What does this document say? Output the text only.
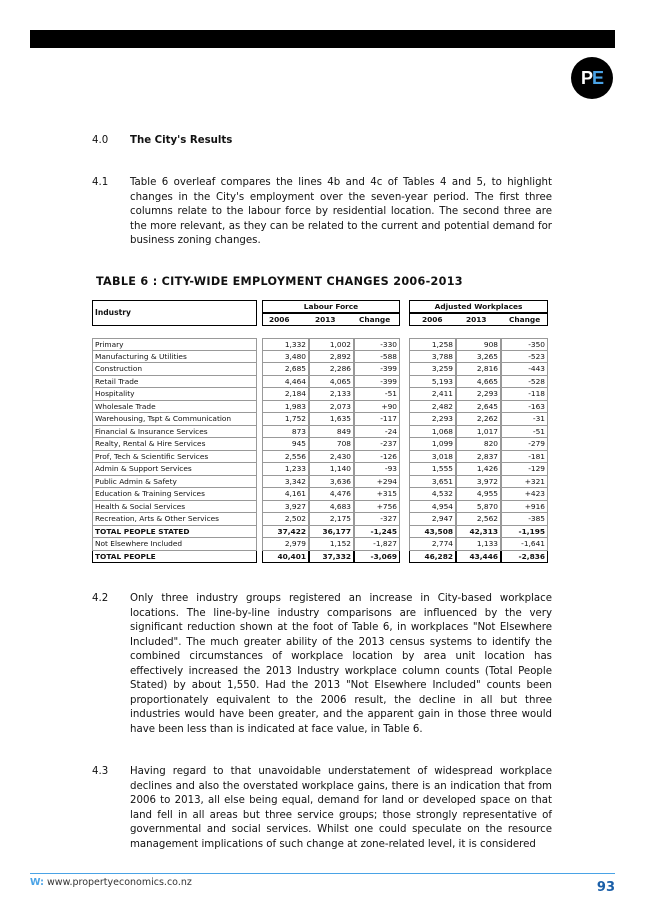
P E
4.0 The City's Results
4.1 Table 6 overleaf compares the lines 4b and 4c of Tables 4 and 5, to highlight changes in the City's employment over the seven-year period. The first three columns relate to the labour force by residential location. The second three are the more relevant, as they can be related to the current and potential demand for business zoning changes.
TABLE 6 : CITY-WIDE EMPLOYMENT CHANGES 2006-2013
Industry
Labour Force	Adjusted Workplaces
2006	2013	Change	2006	2013	Change
Primary	1,332	1,002	-330	1,258	908	-350
Manufacturing & Utilities	3,480	2,892	-588	3,788	3,265	-523
Construction	2,685	2,286	-399	3,259	2,816	-443
Retail Trade	4,464	4,065	-399	5,193	4,665	-528
Hospitality	2,184	2,133	-51	2,411	2,293	-118
Wholesale Trade	1,983	2,073	+90	2,482	2,645	-163
Warehousing, Tspt & Communication	1,752	1,635	-117	2,293	2,262	-31
Financial & Insurance Services	873	849	-24	1,068	1,017	-51
Realty, Rental & Hire Services	945	708	-237	1,099	820	-279
Prof, Tech & Scientific Services	2,556	2,430	-126	3,018	2,837	-181
Admin & Support Services	1,233	1,140	-93	1,555	1,426	-129
Public Admin & Safety	3,342	3,636	+294	3,651	3,972	+321
Education & Training Services	4,161	4,476	+315	4,532	4,955	+423
Health & Social Services	3,927	4,683	+756	4,954	5,870	+916
Recreation, Arts & Other Services	2,502	2,175	-327	2,947	2,562	-385
TOTAL PEOPLE STATED	37,422	36,177	-1,245	43,508	42,313	-1,195
Not Elsewhere Included	2,979	1,152	-1,827	2,774	1,133	-1,641
TOTAL PEOPLE	40,401	37,332	-3,069	46,282	43,446	-2,836
4.2 Only three industry groups registered an increase in City-based workplace locations. The line-by-line industry comparisons are influenced by the very significant reduction shown at the foot of Table 6, in workplaces "Not Elsewhere Included". The much greater ability of the 2013 census systems to identify the combined circumstances of workplace location by area unit location has effectively increased the 2013 Industry workplace column counts (Total People Stated) by about 1,550. Had the 2013 "Not Elsewhere Included" counts been proportionately equivalent to the 2006 result, the decline in all but three industries would have been greater, and the apparent gain in those three would have been less than is indicated at face value, in Table 6.
4.3 Having regard to that unavoidable understatement of widespread workplace declines and also the overstated workplace gains, there is an indication that from 2006 to 2013, all else being equal, demand for land or developed space on that land fell in all areas but three service groups; those strongly representative of governmental and social services. Whilst one could speculate on the resource management implications of such change at zone-related level, it is considered
W: www.propertyeconomics.co.nz	93
